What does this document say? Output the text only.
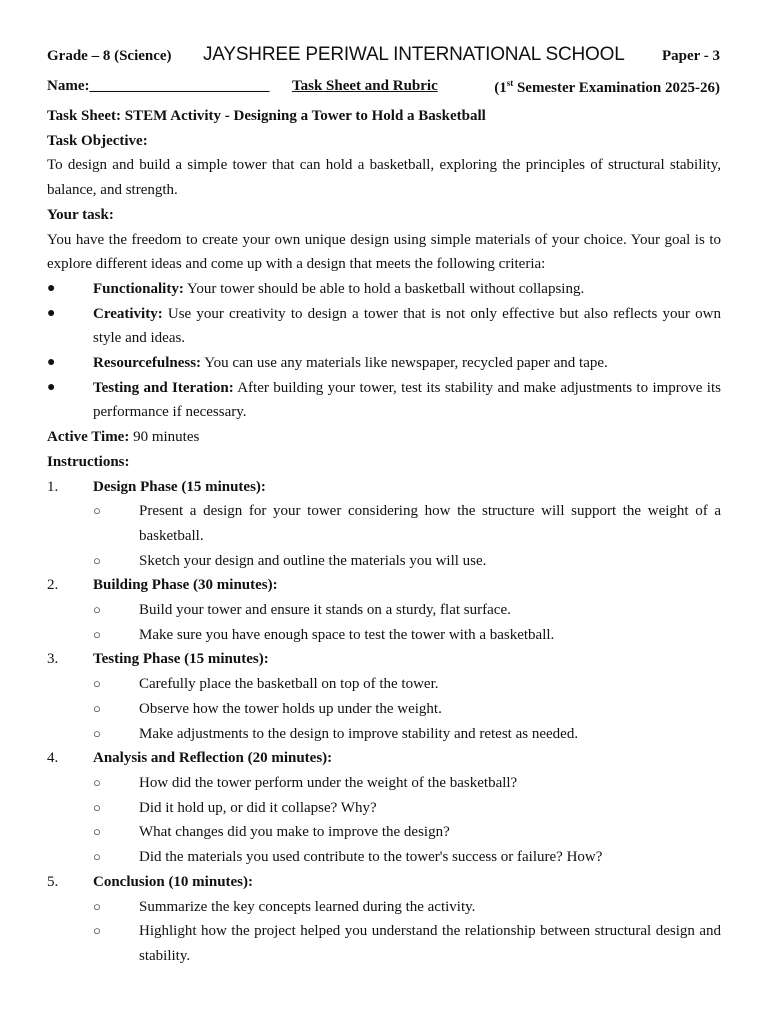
Grade – 8 (Science) JAYSHREE PERIWAL INTERNATIONAL SCHOOL Paper - 3
Name:________________________ Task Sheet and Rubric	(1st Semester Examination 2025-26)

Task Sheet: STEM Activity - Designing a Tower to Hold a Basketball

Task Objective:

To design and build a simple tower that can hold a basketball, exploring the principles of structural stability, balance, and strength.

Your task:

You have the freedom to create your own unique design using simple materials of your choice. Your goal is to explore different ideas and come up with a design that meets the following criteria:

●	Functionality: Your tower should be able to hold a basketball without collapsing.
●	Creativity: Use your creativity to design a tower that is not only effective but also reflects your own style and ideas.
●	Resourcefulness: You can use any materials like newspaper, recycled paper and tape.
●	Testing and Iteration: After building your tower, test its stability and make adjustments to improve its performance if necessary.

Active Time: 90 minutes

Instructions:

1.	Design Phase (15 minutes):
○	Present a design for your tower considering how the structure will support the weight of a basketball.
○	Sketch your design and outline the materials you will use.
2.	Building Phase (30 minutes):
○	Build your tower and ensure it stands on a sturdy, flat surface.
○	Make sure you have enough space to test the tower with a basketball.
3.	Testing Phase (15 minutes):
○	Carefully place the basketball on top of the tower.
○	Observe how the tower holds up under the weight.
○	Make adjustments to the design to improve stability and retest as needed.
4.	Analysis and Reflection (20 minutes):
○	How did the tower perform under the weight of the basketball?
○	Did it hold up, or did it collapse? Why?
○	What changes did you make to improve the design?
○	Did the materials you used contribute to the tower's success or failure? How?
5.	Conclusion (10 minutes):
○	Summarize the key concepts learned during the activity.
○	Highlight how the project helped you understand the relationship between structural design and stability.
